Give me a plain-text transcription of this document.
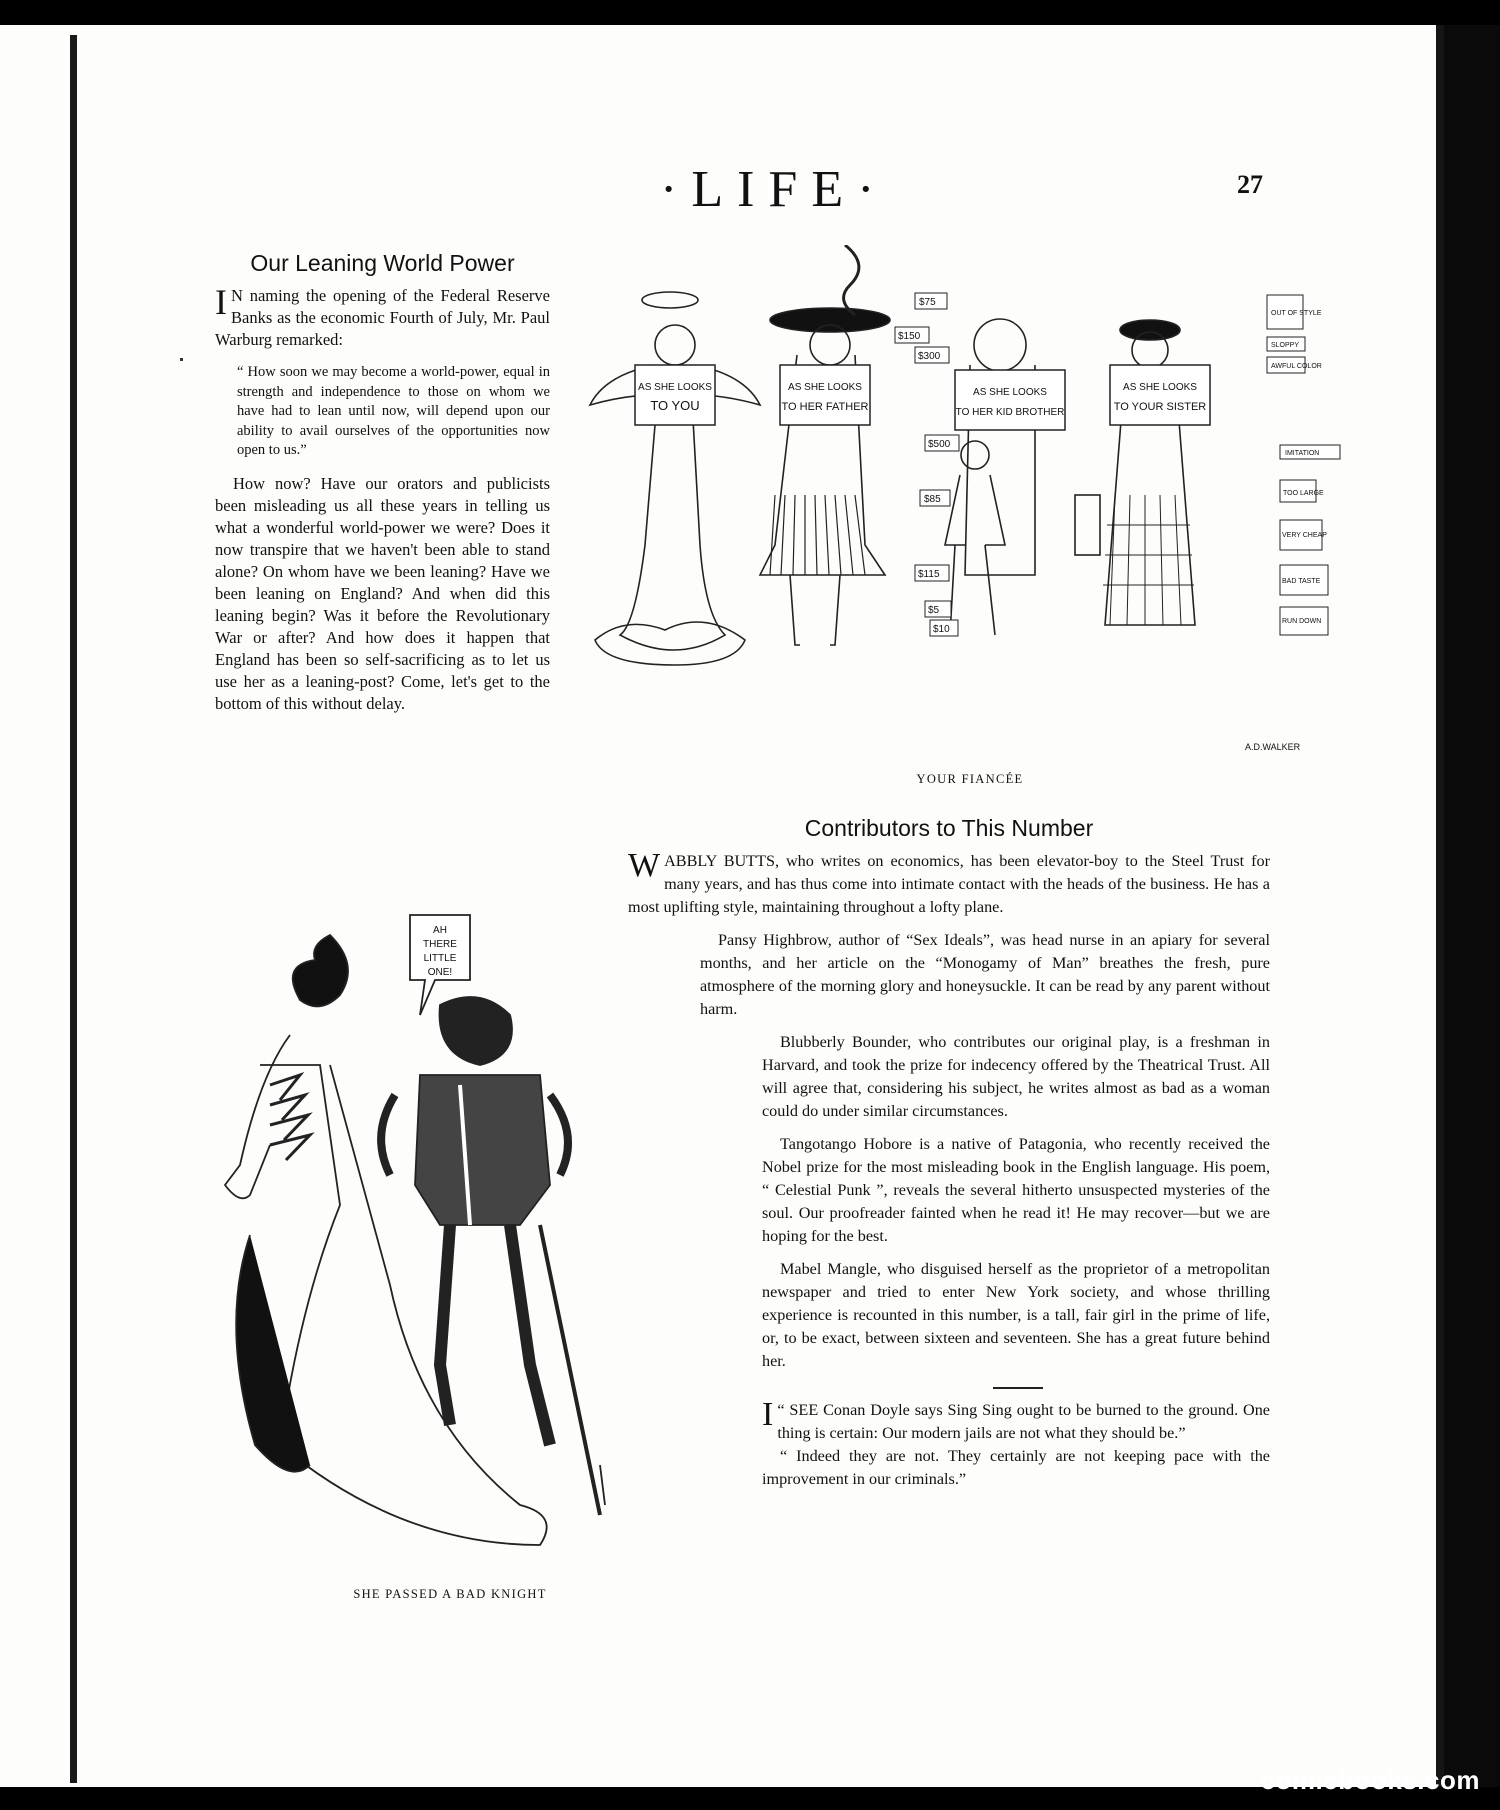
·LIFE·	27
Our Leaning World Power

I N naming the opening of the Federal Reserve Banks as the economic Fourth of July, Mr. Paul Warburg remarked:

“ How soon we may become a world-power, equal in strength and independence to those on whom we have had to lean until now, will depend upon our ability to avail ourselves of the opportunities now open to us.”

How now? Have our orators and publicists been misleading us all these years in telling us what a wonderful world-power we were? Does it now transpire that we haven't been able to stand alone? On whom have we been leaning? Have we been leaning on England? And when did this leaning begin? Was it before the Revolutionary War or after? And how does it happen that England has been so self-sacrificing as to let us use her as a leaning-post? Come, let's get to the bottom of this without delay.

AS SHE LOOKS
TO YOU
AS SHE LOOKS
TO HER FATHER
AS SHE LOOKS
TO HER KID BROTHER
AS SHE LOOKS
TO YOUR SISTER
$75
$150
$300
$500
$85
$115
$5
$10
OUT OF STYLE
SLOPPY
AWFUL COLOR
IMITATION
TOO LARGE
VERY CHEAP
BAD TASTE
RUN DOWN
A.D.WALKER
YOUR FIANCÉE
Contributors to This Number

WABBLY BUTTS, who writes on economics, has been elevator-boy to the Steel Trust for many years, and has thus come into intimate contact with the heads of the business. He has a most uplifting style, maintaining throughout a lofty plane.

Pansy Highbrow, author of “Sex Ideals”, was head nurse in an apiary for several months, and her article on the “Monogamy of Man” breathes the fresh, pure atmosphere of the morning glory and honeysuckle. It can be read by any parent without harm.

Blubberly Bounder, who contributes our original play, is a freshman in Harvard, and took the prize for indecency offered by the Theatrical Trust. All will agree that, considering his subject, he writes almost as bad as a woman could do under similar circumstances.

Tangotango Hobore is a native of Patagonia, who recently received the Nobel prize for the most misleading book in the English language. His poem, “ Celestial Punk ”, reveals the several hitherto unsuspected mysteries of the soul. Our proofreader fainted when he read it! He may recover—but we are hoping for the best.

Mabel Mangle, who disguised herself as the proprietor of a metropolitan newspaper and tried to enter New York society, and whose thrilling experience is recounted in this number, is a tall, fair girl in the prime of life, or, to be exact, between sixteen and seventeen. She has a great future behind her.

“
I SEE Conan Doyle says Sing Sing ought to be burned to the ground. One thing is certain: Our modern jails are not what they should be.”

“ Indeed they are not. They certainly are not keeping pace with the improvement in our criminals.”

AH
THERE
LITTLE
ONE!
SHE PASSED A BAD KNIGHT
comicbooks.com
